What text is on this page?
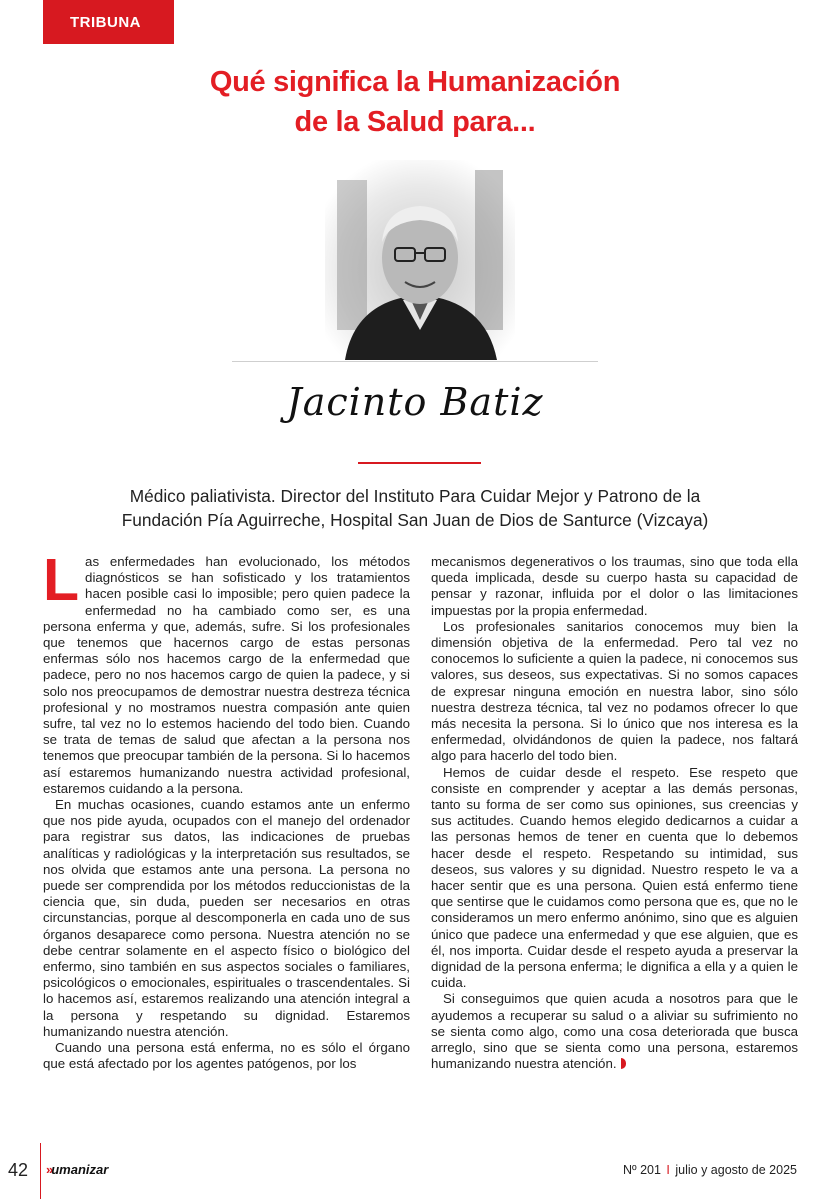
TRIBUNA
Qué significa la Humanización
de la Salud para...
Jacinto Batiz
Médico paliativista. Director del Instituto Para Cuidar Mejor y Patrono de la
Fundación Pía Aguirreche, Hospital San Juan de Dios de Santurce (Vizcaya)

Las enfermedades han evolucionado, los métodos diagnósticos se han sofisticado y los tratamientos hacen posible casi lo imposible; pero quien padece la enfermedad no ha cambiado como ser, es una persona enferma y que, además, sufre. Si los profesionales que tenemos que hacernos cargo de estas personas enfermas sólo nos hacemos cargo de la enfermedad que padece, pero no nos hacemos cargo de quien la padece, y si solo nos preocupamos de demostrar nuestra destreza técnica profesional y no mostramos nuestra compasión ante quien sufre, tal vez no lo estemos haciendo del todo bien. Cuando se trata de temas de salud que afectan a la persona nos tenemos que preocupar también de la persona. Si lo hacemos así estaremos humanizando nuestra actividad profesional, estaremos cuidando a la persona.

En muchas ocasiones, cuando estamos ante un enfermo que nos pide ayuda, ocupados con el manejo del ordenador para registrar sus datos, las indicaciones de pruebas analíticas y radiológicas y la interpretación sus resultados, se nos olvida que estamos ante una persona. La persona no puede ser comprendida por los métodos reduccionistas de la ciencia que, sin duda, pueden ser necesarios en otras circunstancias, porque al descomponerla en cada uno de sus órganos desaparece como persona. Nuestra atención no se debe centrar solamente en el aspecto físico o biológico del enfermo, sino también en sus aspectos sociales o familiares, psicológicos o emocionales, espirituales o trascendentales. Si lo hacemos así, estaremos realizando una atención integral a la persona y respetando su dignidad. Estaremos humanizando nuestra atención.

Cuando una persona está enferma, no es sólo el órgano que está afectado por los agentes patógenos, por los

mecanismos degenerativos o los traumas, sino que toda ella queda implicada, desde su cuerpo hasta su capacidad de pensar y razonar, influida por el dolor o las limitaciones impuestas por la propia enfermedad.

Los profesionales sanitarios conocemos muy bien la dimensión objetiva de la enfermedad. Pero tal vez no conocemos lo suficiente a quien la padece, ni conocemos sus valores, sus deseos, sus expectativas. Si no somos capaces de expresar ninguna emoción en nuestra labor, sino sólo nuestra destreza técnica, tal vez no podamos ofrecer lo que más necesita la persona. Si lo único que nos interesa es la enfermedad, olvidándonos de quien la padece, nos faltará algo para hacerlo del todo bien.

Hemos de cuidar desde el respeto. Ese respeto que consiste en comprender y aceptar a las demás personas, tanto su forma de ser como sus opiniones, sus creencias y sus actitudes. Cuando hemos elegido dedicarnos a cuidar a las personas hemos de tener en cuenta que lo debemos hacer desde el respeto. Respetando su intimidad, sus deseos, sus valores y su dignidad. Nuestro respeto le va a hacer sentir que es una persona. Quien está enfermo tiene que sentirse que le cuidamos como persona que es, que no le consideramos un mero enfermo anónimo, sino que es alguien único que padece una enfermedad y que ese alguien, que es él, nos importa. Cuidar desde el respeto ayuda a preservar la dignidad de la persona enferma; le dignifica a ella y a quien le cuida.

Si conseguimos que quien acuda a nosotros para que le ayudemos a recuperar su salud o a aliviar su sufrimiento no se sienta como algo, como una cosa deteriorada que busca arreglo, sino que se sienta como una persona, estaremos humanizando nuestra atención.

42 » umanizar	Nº 201 I julio y agosto de 2025
